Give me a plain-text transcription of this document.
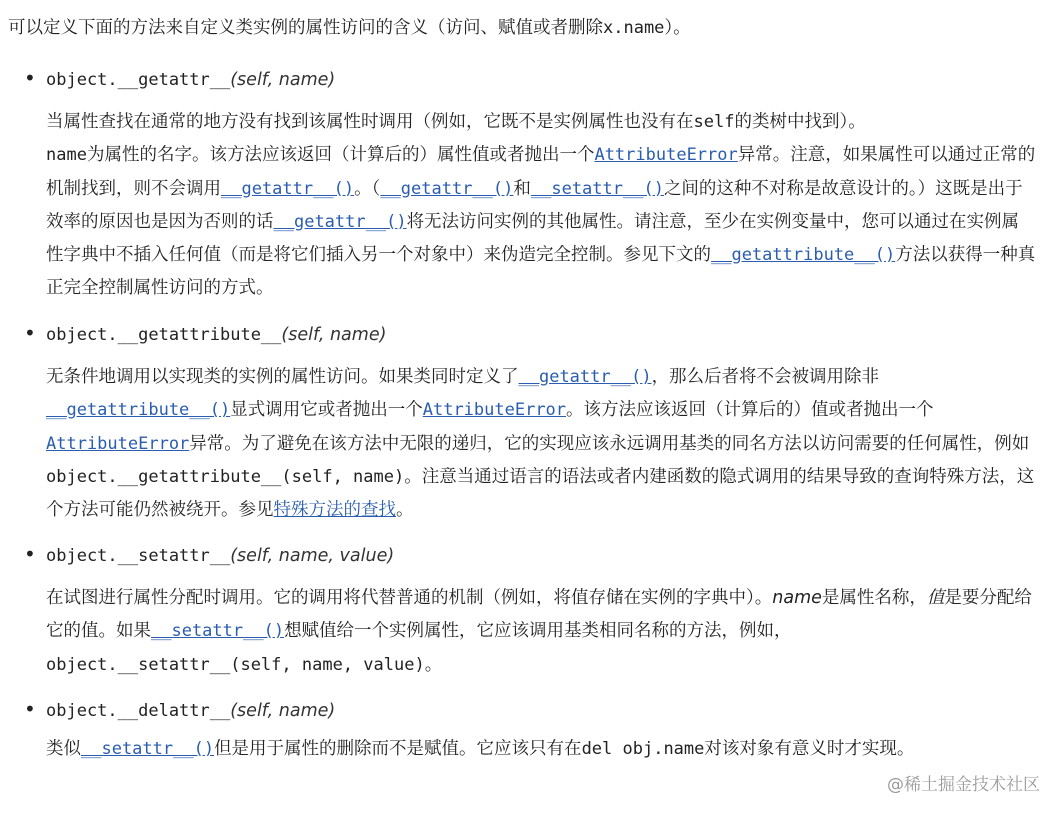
可以定义下面的方法来自定义类实例的属性访问的含义（访问、赋值或者删除x.name）。
• object.__getattr__(self, name)
当属性查找在通常的地方没有找到该属性时调用（例如，它既不是实例属性也没有在self的类树中找到）。
name为属性的名字。该方法应该返回（计算后的）属性值或者抛出一个AttributeError异常。注意，如果属性可以通过正常的机制找到，则不会调用__getattr__()。（__getattr__()和__setattr__()之间的这种不对称是故意设计的。）这既是出于效率的原因也是因为否则的话__getattr__()将无法访问实例的其他属性。请注意，至少在实例变量中，您可以通过在实例属性字典中不插入任何值（而是将它们插入另一个对象中）来伪造完全控制。参见下文的__getattribute__()方法以获得一种真正完全控制属性访问的方式。
• object.__getattribute__(self, name)
无条件地调用以实现类的实例的属性访问。如果类同时定义了__getattr__()，那么后者将不会被调用除非__getattribute__()显式调用它或者抛出一个AttributeError。该方法应该返回（计算后的）值或者抛出一个AttributeError异常。为了避免在该方法中无限的递归，它的实现应该永远调用基类的同名方法以访问需要的任何属性，例如object.__getattribute__(self, name)。注意当通过语言的语法或者内建函数的隐式调用的结果导致的查询特殊方法，这个方法可能仍然被绕开。参见特殊方法的查找。
• object.__setattr__(self, name, value)
在试图进行属性分配时调用。它的调用将代替普通的机制（例如，将值存储在实例的字典中）。name是属性名称，值是要分配给它的值。如果__setattr__()想赋值给一个实例属性，它应该调用基类相同名称的方法，例如，object.__setattr__(self, name, value)。
• object.__delattr__(self, name)
类似__setattr__()但是用于属性的删除而不是赋值。它应该只有在del obj.name对该对象有意义时才实现。
@稀土掘金技术社区
